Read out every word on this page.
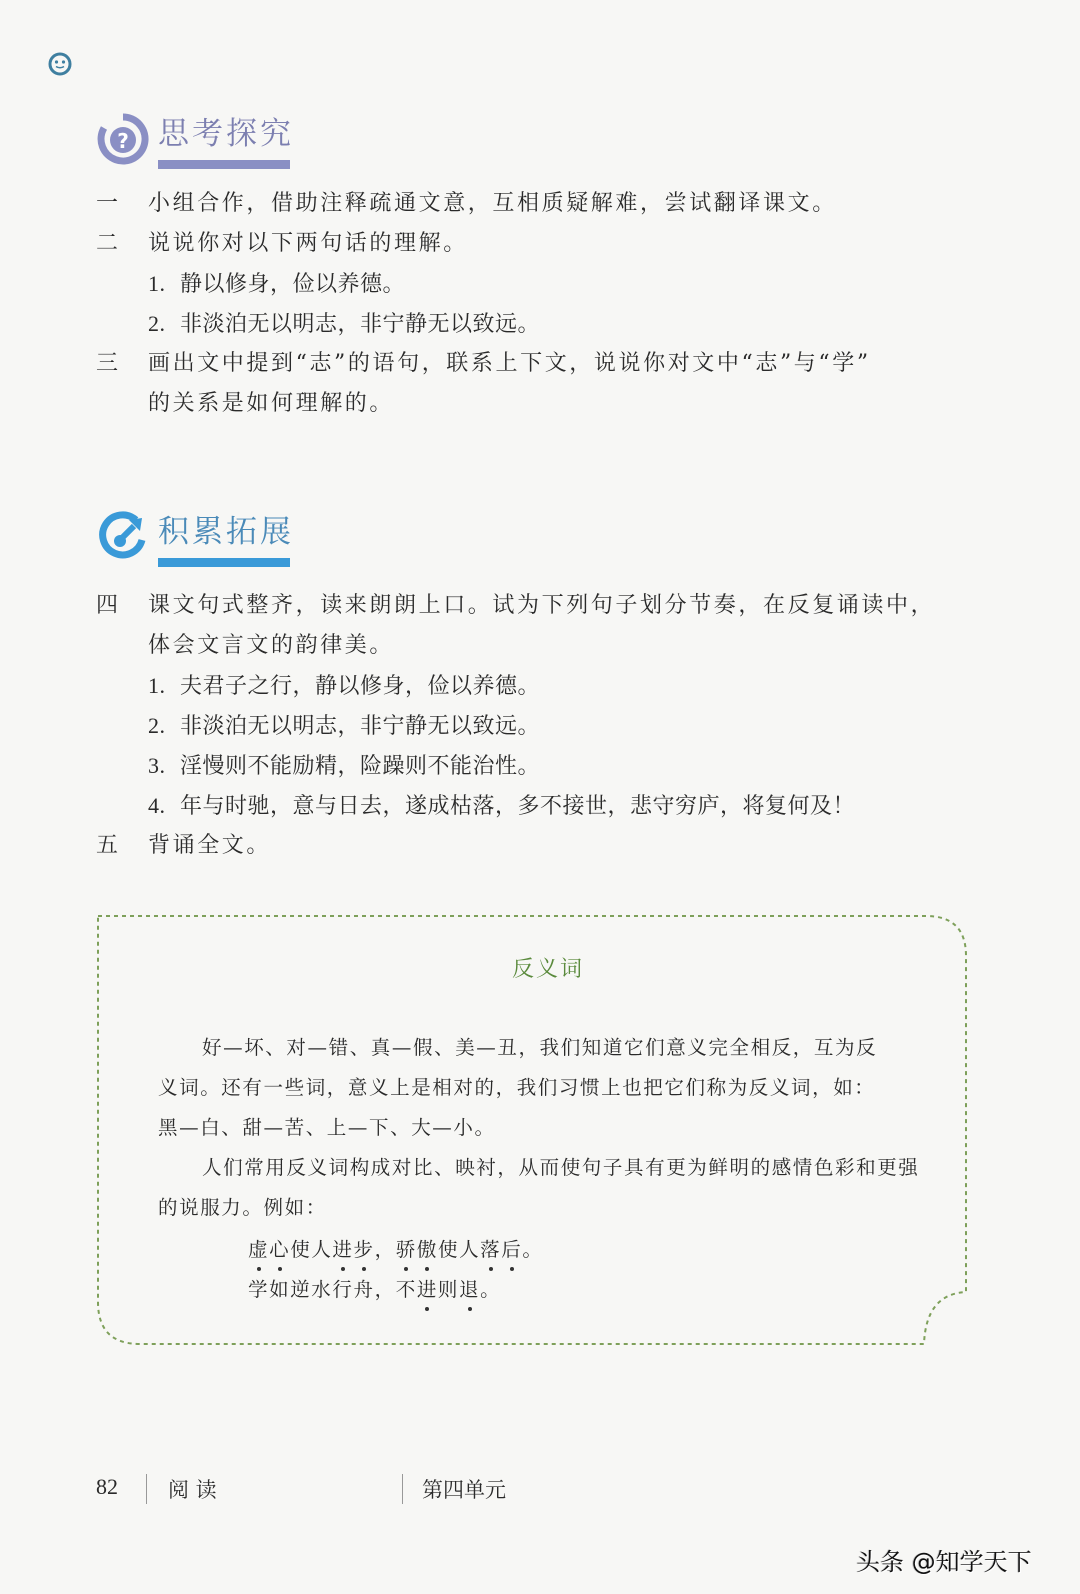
? 思考探究
一 小组合作，借助注释疏通文意，互相质疑解难，尝试翻译课文。
二 说说你对以下两句话的理解。
1. 静以修身，俭以养德。
2. 非淡泊无以明志，非宁静无以致远。
三 画出文中提到“志”的语句，联系上下文，说说你对文中“志”与“学”
的关系是如何理解的。
积累拓展
四 课文句式整齐，读来朗朗上口。试为下列句子划分节奏，在反复诵读中，
体会文言文的韵律美。
1. 夫君子之行，静以修身，俭以养德。
2. 非淡泊无以明志，非宁静无以致远。
3. 淫慢则不能励精，险躁则不能治性。
4. 年与时驰，意与日去，遂成枯落，多不接世，悲守穷庐，将复何及！
五 背诵全文。
反义词
好—坏、对—错、真—假、美—丑，我们知道它们意义完全相反，互为反
义词。还有一些词，意义上是相对的，我们习惯上也把它们称为反义词，如：
黑—白、甜—苦、上—下、大—小。
人们常用反义词构成对比、映衬，从而使句子具有更为鲜明的感情色彩和更强
的说服力。例如：
虚心使人进步，骄傲使人落后。
学如逆水行舟，不进则退。
82 阅 读	第四单元
头条 @知学天下
